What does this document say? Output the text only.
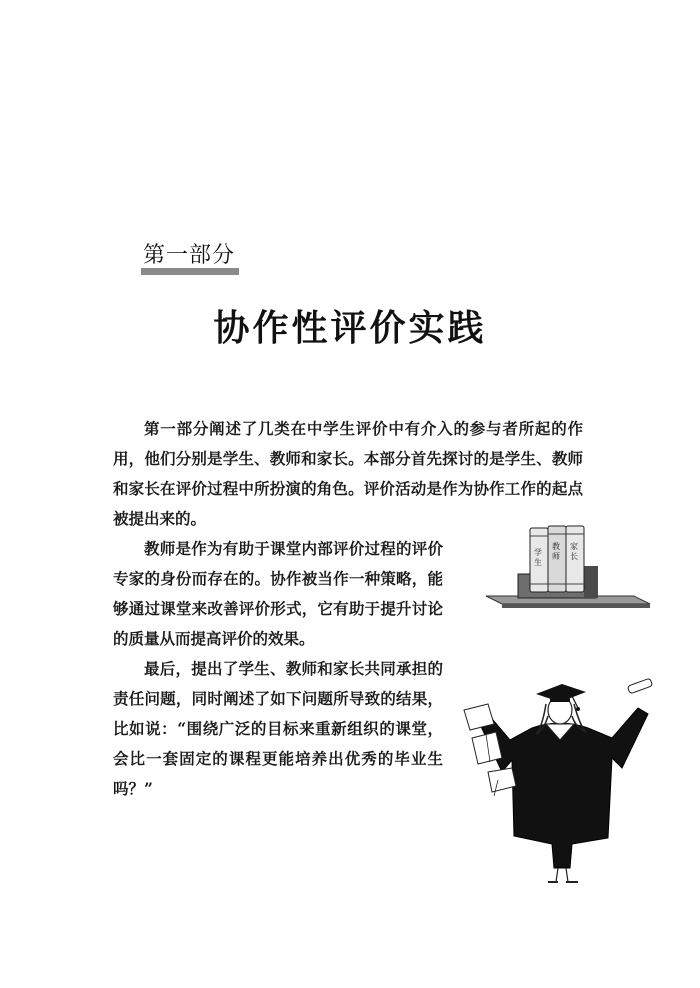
第一部分
协作性评价实践

第一部分阐述了几类在中学生评价中有介入的参与者所起的作用，他们分别是学生、教师和家长。本部分首先探讨的是学生、教师和家长在评价过程中所扮演的角色。评价活动是作为协作工作的起点被提出来的。

教师是作为有助于课堂内部评价过程的评价专家的身份而存在的。协作被当作一种策略，能够通过课堂来改善评价形式，它有助于提升讨论的质量从而提高评价的效果。

最后，提出了学生、教师和家长共同承担的责任问题，同时阐述了如下问题所导致的结果，比如说：“围绕广泛的目标来重新组织的课堂，会比一套固定的课程更能培养出优秀的毕业生吗？”

学生
教师
家长
